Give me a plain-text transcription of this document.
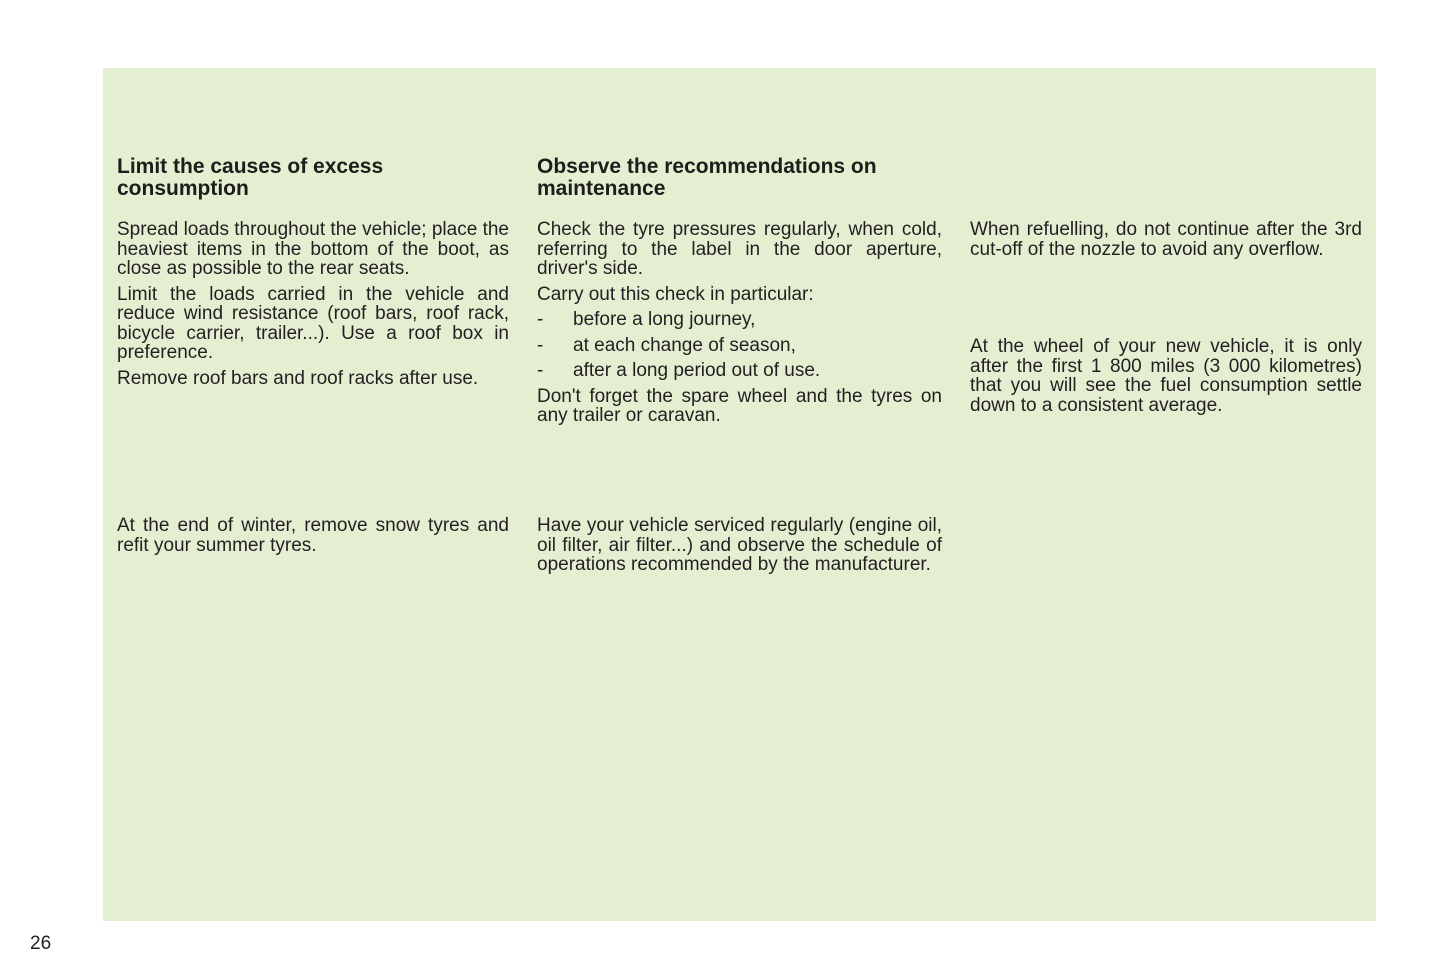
Limit the causes of excess consumption

Spread loads throughout the vehicle; place the heaviest items in the bottom of the boot, as close as possible to the rear seats.

Limit the loads carried in the vehicle and reduce wind resistance (roof bars, roof rack, bicycle carrier, trailer...). Use a roof box in preference.

Remove roof bars and roof racks after use.

At the end of winter, remove snow tyres and refit your summer tyres.

Observe the recommendations on maintenance

Check the tyre pressures regularly, when cold, referring to the label in the door aperture, driver's side.

Carry out this check in particular:

-	before a long journey,
-	at each change of season,
-	after a long period out of use.

Don't forget the spare wheel and the tyres on any trailer or caravan.

Have your vehicle serviced regularly (engine oil, oil filter, air filter...) and observe the schedule of operations recommended by the manufacturer.

When refuelling, do not continue after the 3rd cut-off of the nozzle to avoid any overflow.

At the wheel of your new vehicle, it is only after the first 1 800 miles (3 000 kilometres) that you will see the fuel consumption settle down to a consistent average.

26
